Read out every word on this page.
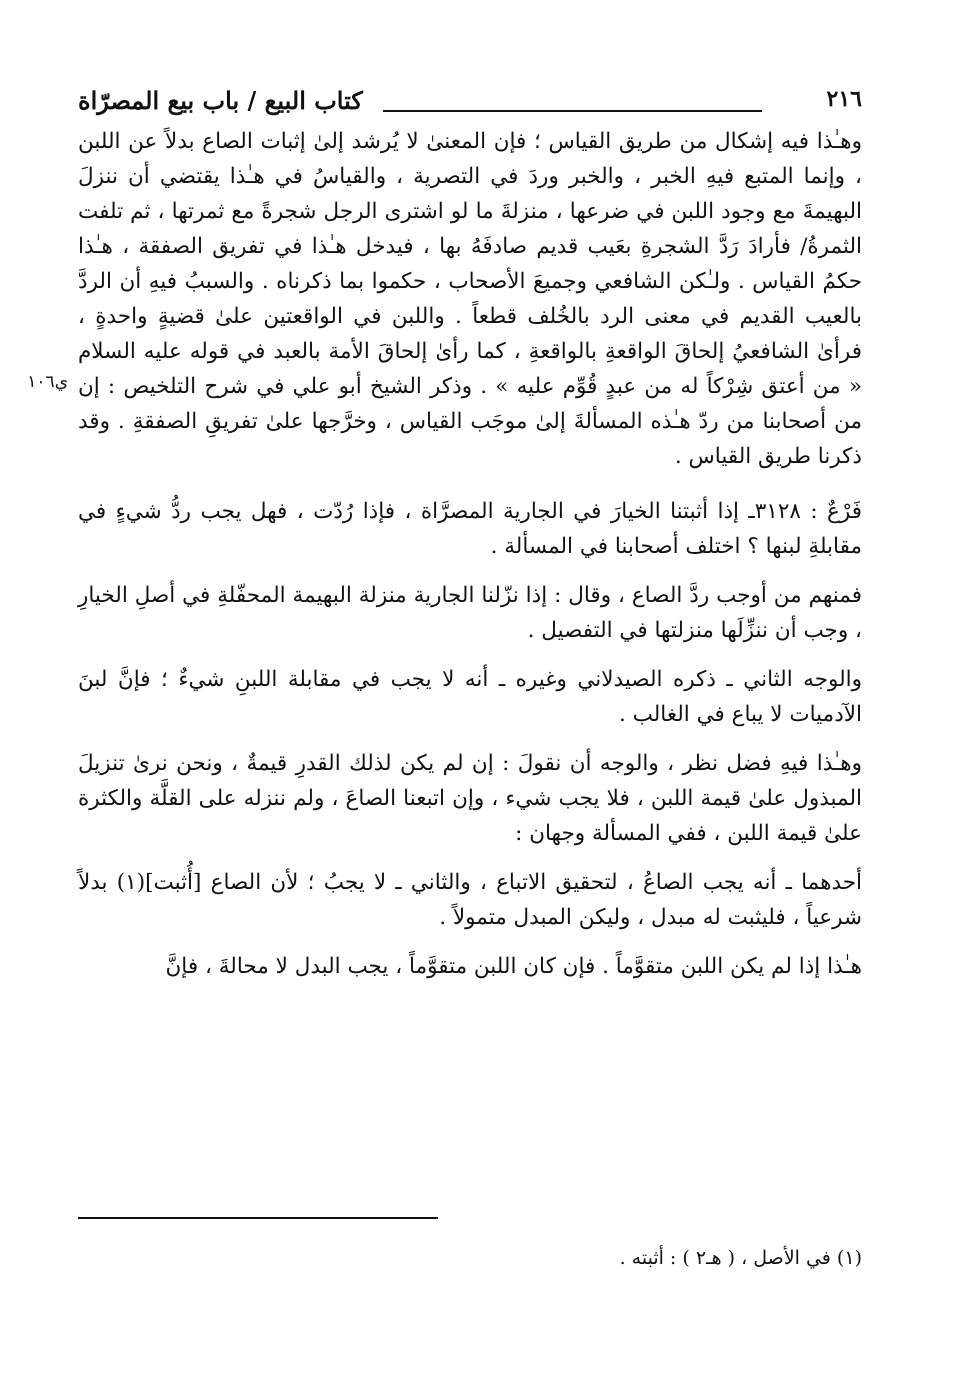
٢١٦
كتاب البيع / باب بيع المصرّاة
ي١٠٦

وهـٰذا فيه إشكال من طريق القياس ؛ فإن المعنىٰ لا يُرشد إلىٰ إثبات الصاع بدلاً عن اللبن ، وإنما المتبع فيهِ الخبر ، والخبر وردَ في التصرية ، والقياسُ في هـٰذا يقتضي أن ننزلَ البهيمةَ مع وجود اللبن في ضرعها ، منزلةَ ما لو اشترى الرجل شجرةً مع ثمرتها ، ثم تلفت الثمرةُ/ فأرادَ رَدَّ الشجرةِ بعَيب قديم صادفَهُ بها ، فيدخل هـٰذا في تفريق الصفقة ، هـٰذا حكمُ القياس . ولـٰكن الشافعي وجميعَ الأصحاب ، حكموا بما ذكرناه . والسببُ فيهِ أن الردَّ بالعيب القديم في معنى الرد بالخُلف قطعاً . واللبن في الواقعتين علىٰ قضيةٍ واحدةٍ ، فرأىٰ الشافعيُ إلحاقَ الواقعةِ بالواقعةِ ، كما رأىٰ إلحاقَ الأمة بالعبد في قوله عليه السلام « من أعتق شِرْكاً له من عبدٍ قُوِّم عليه » . وذكر الشيخ أبو علي في شرح التلخيص : إن من أصحابنا من ردّ هـٰذه المسألةَ إلىٰ موجَب القياس ، وخرَّجها علىٰ تفريقِ الصفقةِ . وقد ذكرنا طريق القياس .

فَرْعٌ : ٣١٢٨ـ إذا أثبتنا الخيارَ في الجارية المصرَّاة ، فإذا رُدّت ، فهل يجب ردُّ شيءٍ في مقابلةِ لبنها ؟ اختلف أصحابنا في المسألة .

فمنهم من أوجب ردَّ الصاع ، وقال : إذا نزّلنا الجارية منزلة البهيمة المحفّلةِ في أصلِ الخيارِ ، وجب أن ننزِّلَها منزلتها في التفصيل .

والوجه الثاني ـ ذكره الصيدلاني وغيره ـ أنه لا يجب في مقابلة اللبنِ شيءٌ ؛ فإنَّ لبنَ الآدميات لا يباع في الغالب .

وهـٰذا فيهِ فضل نظر ، والوجه أن نقولَ : إن لم يكن لذلك القدرِ قيمةٌ ، ونحن نرىٰ تنزيلَ المبذول علىٰ قيمة اللبن ، فلا يجب شيء ، وإن اتبعنا الصاعَ ، ولم ننزله على القلَّة والكثرة علىٰ قيمة اللبن ، ففي المسألة وجهان :

أحدهما ـ أنه يجب الصاعُ ، لتحقيق الاتباع ، والثاني ـ لا يجبُ ؛ لأن الصاع [أُثبت](١) بدلاً شرعياً ، فليثبت له مبدل ، وليكن المبدل متمولاً .

هـٰذا إذا لم يكن اللبن متقوَّماً . فإن كان اللبن متقوَّماً ، يجب البدل لا محالةَ ، فإنَّ

(١) في الأصل ، ( هـ٢ ) : أثبته .
